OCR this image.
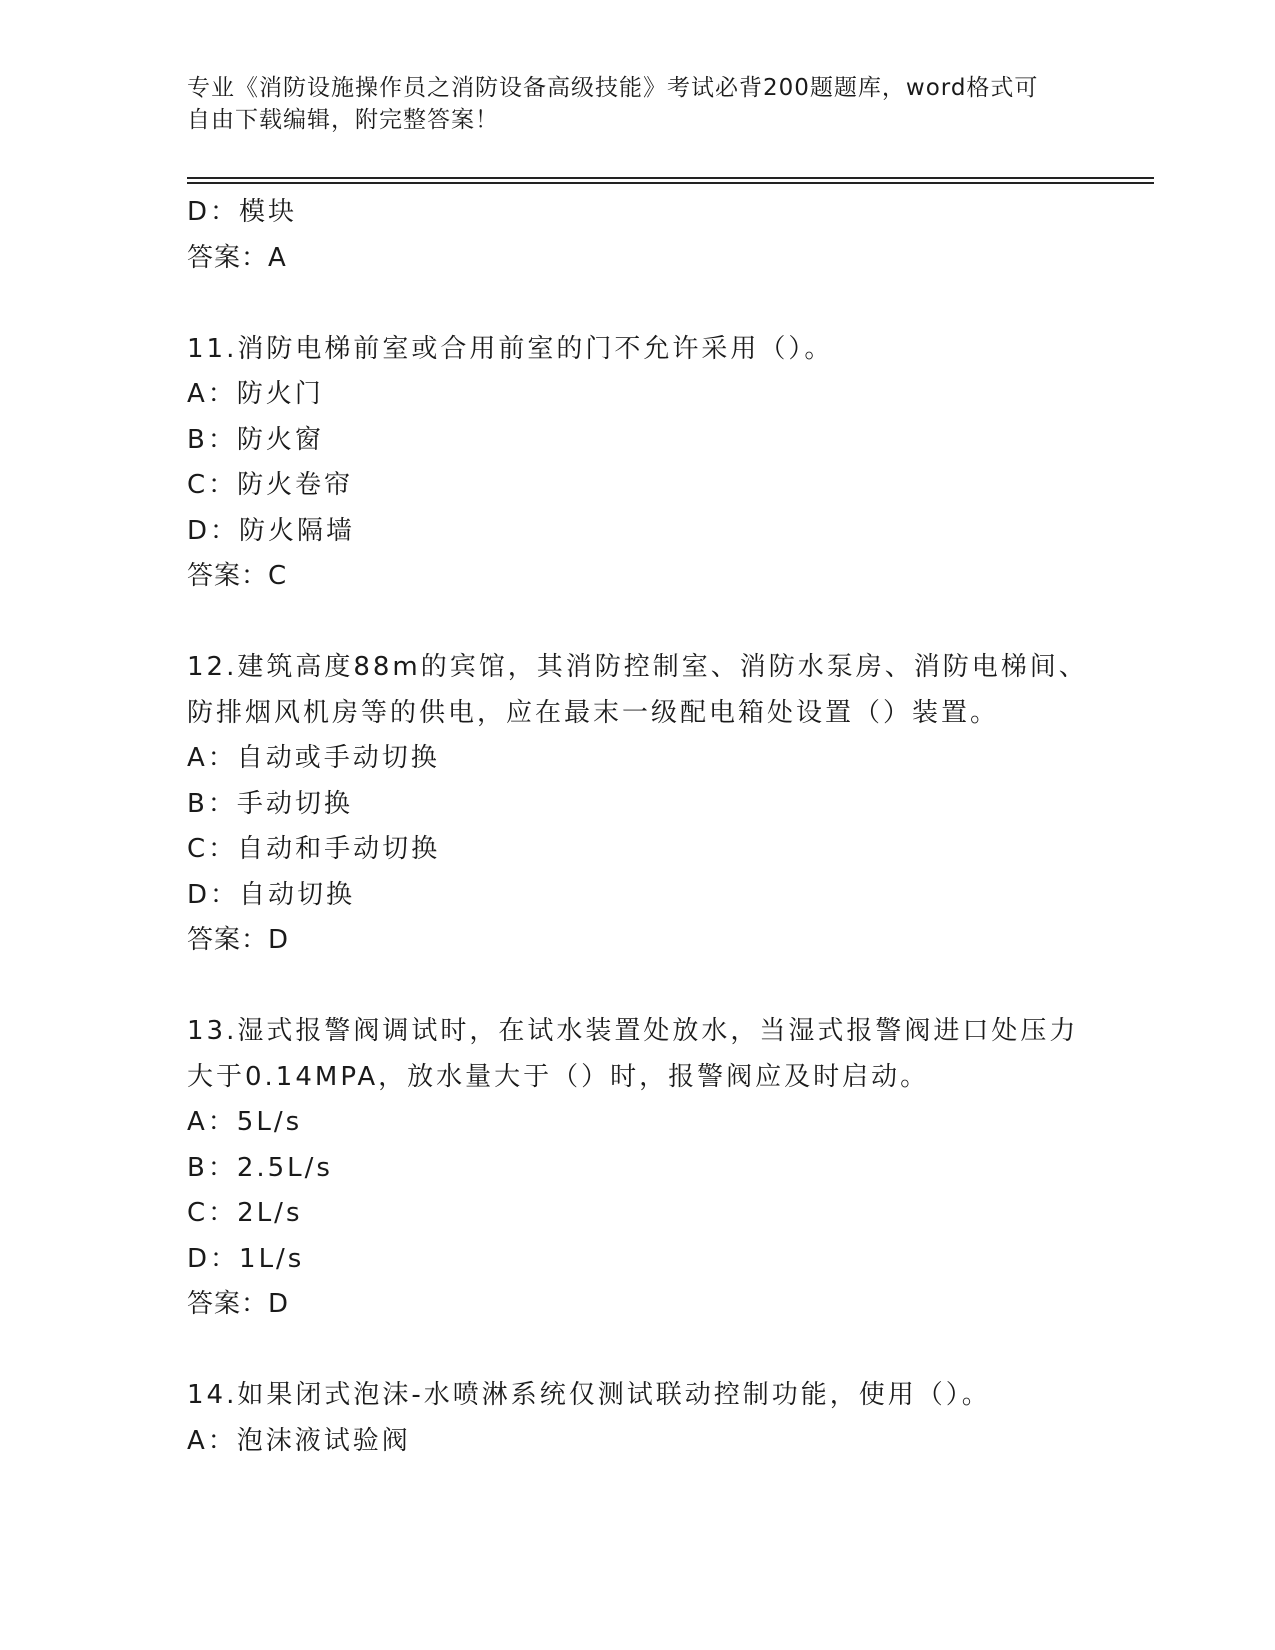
专业《消防设施操作员之消防设备高级技能》考试必背200题题库，word格式可
自由下载编辑，附完整答案！
D：模块
答案：A
11.消防电梯前室或合用前室的门不允许采用（）。
A：防火门
B：防火窗
C：防火卷帘
D：防火隔墙
答案：C
12.建筑高度88m的宾馆，其消防控制室、消防水泵房、消防电梯间、
防排烟风机房等的供电，应在最末一级配电箱处设置（）装置。
A：自动或手动切换
B：手动切换
C：自动和手动切换
D：自动切换
答案：D
13.湿式报警阀调试时，在试水装置处放水，当湿式报警阀进口处压力
大于0.14MPA，放水量大于（）时，报警阀应及时启动。
A：5L/s
B：2.5L/s
C：2L/s
D：1L/s
答案：D
14.如果闭式泡沫-水喷淋系统仅测试联动控制功能，使用（）。
A：泡沫液试验阀
